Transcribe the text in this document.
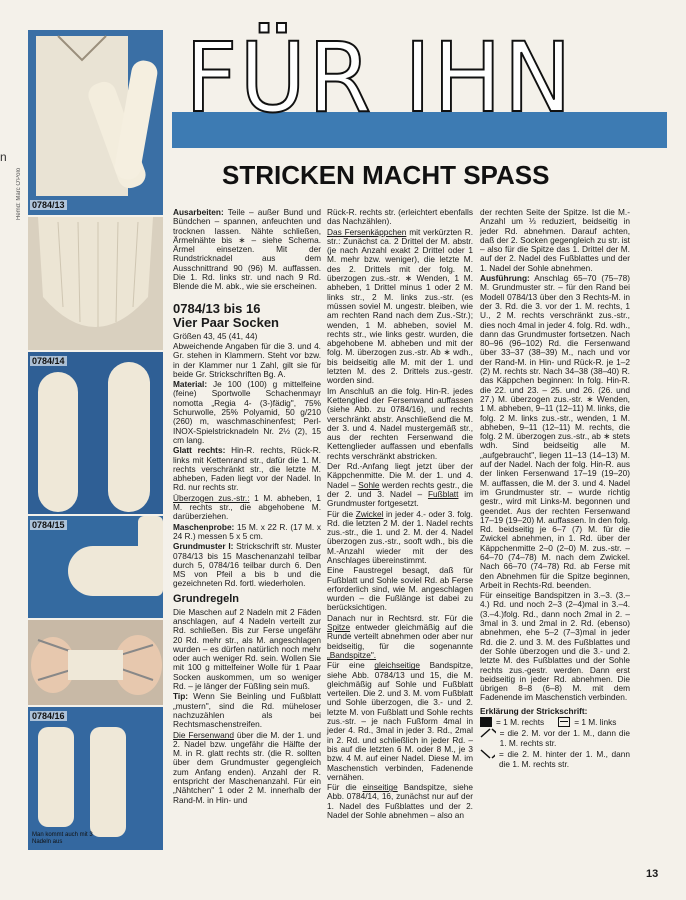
n
Hemd: Marc O'Polo	0784/13
0784/14
0784/15
0784/16
Man kommt auch mit 3 Nadeln aus
FÜR IHN
STRICKEN MACHT SPASS

Ausarbeiten: Teile – außer Bund und Bündchen – spannen, anfeuchten und trocknen lassen. Nähte schließen, Ärmelnähte bis ∗ – siehe Schema. Ärmel einsetzen. Mit der Rundstricknadel aus dem Ausschnittrand 90 (96) M. auffassen. Die 1. Rd. links str. und nach 9 Rd. Blende die M. abk., wie sie erscheinen.

0784/13 bis 16
Vier Paar Socken

Größen 43, 45 (41, 44)

Abweichende Angaben für die 3. und 4. Gr. stehen in Klammern. Steht vor bzw. in der Klammer nur 1 Zahl, gilt sie für beide Gr. Strickschriften Bg. A.

Material: Je 100 (100) g mittelfeine (feine) Sportwolle Schachenmayr nomotta „Regia 4- (3-)fädig", 75% Schurwolle, 25% Polyamid, 50 g/210 (260) m, waschmaschinenfest; Perl-INOX-Spielstricknadeln Nr. 2½ (2), 15 cm lang.

Glatt rechts: Hin-R. rechts, Rück-R. links mit Kettenrand str., dafür die 1. M. rechts verschränkt str., die letzte M. abheben, Faden liegt vor der Nadel. In Rd. nur rechts str.

Überzogen zus.-str.: 1 M. abheben, 1 M. rechts str., die abgehobene M. darüberziehen.

Maschenprobe: 15 M. x 22 R. (17 M. x 24 R.) messen 5 x 5 cm.

Grundmuster I: Strickschrift str. Muster 0784/13 bis 15 Maschenanzahl teilbar durch 5, 0784/16 teilbar durch 6. Den MS von Pfeil a bis b und die gezeichneten Rd. fortl. wiederholen.

Grundregeln

Die Maschen auf 2 Nadeln mit 2 Fäden anschlagen, auf 4 Nadeln verteilt zur Rd. schließen. Bis zur Ferse ungefähr 20 Rd. mehr str., als M. angeschlagen wurden – es dürfen natürlich noch mehr oder auch weniger Rd. sein. Wollen Sie mit 100 g mittelfeiner Wolle für 1 Paar Socken auskommen, um so weniger Rd. – je länger der Füßling sein muß.

Tip: Wenn Sie Beinling und Fußblatt „mustern", sind die Rd. müheloser nachzuzählen als bei Rechtsmaschenstreifen.

Die Fersenwand über die M. der 1. und 2. Nadel bzw. ungefähr die Hälfte der M. in R. glatt rechts str. (die R. sollten über dem Grundmuster gegengleich zum Anfang enden). Anzahl der R. entspricht der Maschenanzahl. Für ein „Nähtchen" 1 oder 2 M. innerhalb der Rand-M. in Hin- und

Rück-R. rechts str. (erleichtert ebenfalls das Nachzählen).

Das Fersenkäppchen mit verkürzten R. str.: Zunächst ca. 2 Drittel der M. abstr. (je nach Anzahl exakt 2 Drittel oder 1 M. mehr bzw. weniger), die letzte M. des 2. Drittels mit der folg. M. überzogen zus.-str. ∗ Wenden, 1 M. abheben, 1 Drittel minus 1 oder 2 M. links str., 2 M. links zus.-str. (es müssen soviel M. ungestr. bleiben, wie am rechten Rand nach dem Zus.-Str.); wenden, 1 M. abheben, soviel M. rechts str., wie links gestr. wurden, die abgehobene M. abheben und mit der folg. M. überzogen zus.-str. Ab ∗ wdh., bis beidseitig alle M. mit der 1. und letzten M. des 2. Drittels zus.-gestr. worden sind.

Im Anschluß an die folg. Hin-R. jedes Kettenglied der Fersenwand auffassen (siehe Abb. zu 0784/16), und rechts verschränkt abstr. Anschließend die M. der 3. und 4. Nadel mustergemäß str., aus der rechten Fersenwand die Kettenglieder auffassen und ebenfalls rechts verschränkt abstricken.

Der Rd.-Anfang liegt jetzt über der Käppchenmitte. Die M. der 1. und 4. Nadel – Sohle werden rechts gestr., die der 2. und 3. Nadel – Fußblatt im Grundmuster fortgesetzt.

Für die Zwickel in jeder 4.- oder 3. folg. Rd. die letzten 2 M. der 1. Nadel rechts zus.-str., die 1. und 2. M. der 4. Nadel überzogen zus.-str., sooft wdh., bis die M.-Anzahl wieder mit der des Anschlages übereinstimmt.

Eine Faustregel besagt, daß für Fußblatt und Sohle soviel Rd. ab Ferse erforderlich sind, wie M. angeschlagen wurden – die Fußlänge ist dabei zu berücksichtigen.

Danach nur in Rechtsrd. str. Für die Spitze entweder gleichmäßig auf die Runde verteilt abnehmen oder aber nur beidseitig, für die sogenannte „Bandspitze".

Für eine gleichseitige Bandspitze, siehe Abb. 0784/13 und 15, die M. gleichmäßig auf Sohle und Fußblatt verteilen. Die 2. und 3. M. vom Fußblatt und Sohle überzogen, die 3.- und 2. letzte M. von Fußblatt und Sohle rechts zus.-str. – je nach Fußform 4mal in jeder 4. Rd., 3mal in jeder 3. Rd., 2mal in 2. Rd. und schließlich in jeder Rd. – bis auf die letzten 6 M. oder 8 M., je 3 bzw. 4 M. auf einer Nadel. Diese M. im Maschenstich verbinden, Fadenende vernähen.

Für die einseitige Bandspitze, siehe Abb. 0784/14, 16, zunächst nur auf der 1. Nadel des Fußblattes und der 2. Nadel der Sohle abnehmen – also an

der rechten Seite der Spitze. Ist die M.-Anzahl um ⅓ reduziert, beidseitig in jeder Rd. abnehmen. Darauf achten, daß der 2. Socken gegengleich zu str. ist – also für die Spitze das 1. Drittel der M. auf der 2. Nadel des Fußblattes und der 1. Nadel der Sohle abnehmen.

Ausführung: Anschlag 65–70 (75–78) M. Grundmuster str. – für den Rand bei Modell 0784/13 über den 3 Rechts-M. in der 3. Rd. die 3. vor der 1. M. rechts, 1 U., 2 M. rechts verschränkt zus.-str., dies noch 4mal in jeder 4. folg. Rd. wdh., dann das Grundmuster fortsetzen. Nach 80–96 (96–102) Rd. die Fersenwand über 33–37 (38–39) M., nach und vor der Rand-M. in Hin- und Rück-R. je 1–2 (2) M. rechts str. Nach 34–38 (38–40) R. das Käppchen beginnen: In folg. Hin-R. die 22. und 23. – 25. und 26. (26. und 27.) M. überzogen zus.-str. ∗ Wenden, 1 M. abheben, 9–11 (12–11) M. links, die folg. 2 M. links zus.-str., wenden, 1 M. abheben, 9–11 (12–11) M. rechts, die folg. 2 M. überzogen zus.-str., ab ∗ stets wdh. Sind beidseitig alle M. „aufgebraucht", liegen 11–13 (14–13) M. auf der Nadel. Nach der folg. Hin-R. aus der linken Fersenwand 17–19 (19–20) M. auffassen, die M. der 3. und 4. Nadel im Grundmuster str. – wurde richtig gestr., wird mit Links-M. begonnen und geendet. Aus der rechten Fersenwand 17–19 (19–20) M. auffassen. In den folg. Rd. beidseitig je 6–7 (7) M. für die Zwickel abnehmen, in 1. Rd. über der Käppchenmitte 2–0 (2–0) M. zus.-str. – 64–70 (74–78) M. nach dem Zwickel. Nach 66–70 (74–78) Rd. ab Ferse mit den Abnehmen für die Spitze beginnen, Arbeit in Rechts-Rd. beenden.

Für einseitige Bandspitzen in 3.–3. (3.–4.) Rd. und noch 2–3 (2–4)mal in 3.–4. (3.–4.)folg. Rd., dann noch 2mal in 2. – 3mal in 3. und 2mal in 2. Rd. (ebenso) abnehmen, ehe 5–2 (7–3)mal in jeder Rd. die 2. und 3. M. des Fußblattes und der Sohle überzogen und die 3.- und 2. letzte M. des Fußblattes und der Sohle rechts zus.-gestr. werden. Dann erst beidseitig in jeder Rd. abnehmen. Die übrigen 8–8 (6–8) M. mit dem Fadenende im Maschenstich verbinden.

Erklärung der Strickschrift:
= 1 M. rechts	= 1 M. links
= die 2. M. vor der 1. M., dann die 1. M. rechts str.
= die 2. M. hinter der 1. M., dann die 1. M. rechts str.
13
